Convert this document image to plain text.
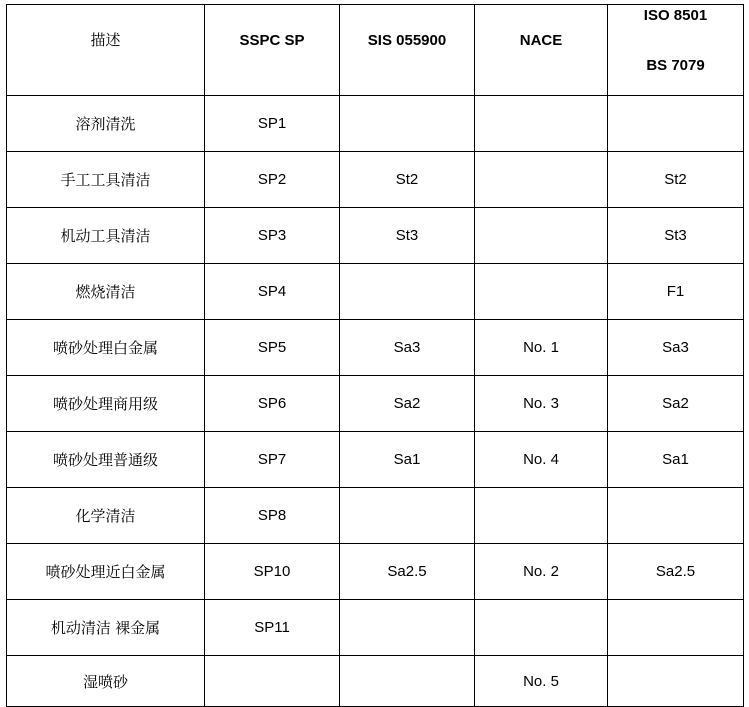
描述	SSPC SP	SIS 055900	NACE	ISO 8501
BS 7079

溶剂清洗	SP1			
手工工具清洁	SP2	St2		St2
机动工具清洁	SP3	St3		St3
燃烧清洁	SP4			F1
喷砂处理白金属	SP5	Sa3	No. 1	Sa3
喷砂处理商用级	SP6	Sa2	No. 3	Sa2
喷砂处理普通级	SP7	Sa1	No. 4	Sa1
化学清洁	SP8			
喷砂处理近白金属	SP10	Sa2.5	No. 2	Sa2.5
机动清洁 裸金属	SP11			
湿喷砂			No. 5	
